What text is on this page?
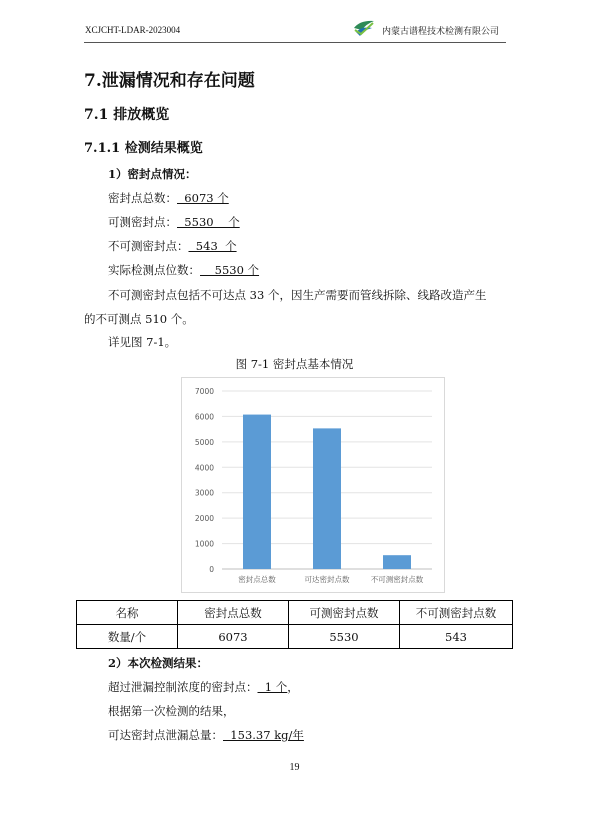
XCJCHT-LDAR-2023004	内蒙古谱程技术检测有限公司
7.泄漏情况和存在问题
7.1 排放概览
7.1.1 检测结果概览
1）密封点情况：
密封点总数：  6073 个
可测密封点：  5530    个
不可测密封点：  543  个
实际检测点位数：    5530 个
不可测密封点包括不可达点 33 个，因生产需要而管线拆除、线路改造产生
的不可测点 510 个。
详见图 7-1。
图 7-1 密封点基本情况
0
1000
2000
3000
4000
5000
6000
7000
密封点总数	可达密封点数	不可测密封点数
名称	密封点总数	可测密封点数	不可测密封点数
数量/个	6073	5530	543
2）本次检测结果：
超过泄漏控制浓度的密封点：  1 个，
根据第一次检测的结果，
可达密封点泄漏总量：  153.37 kg/年
19
